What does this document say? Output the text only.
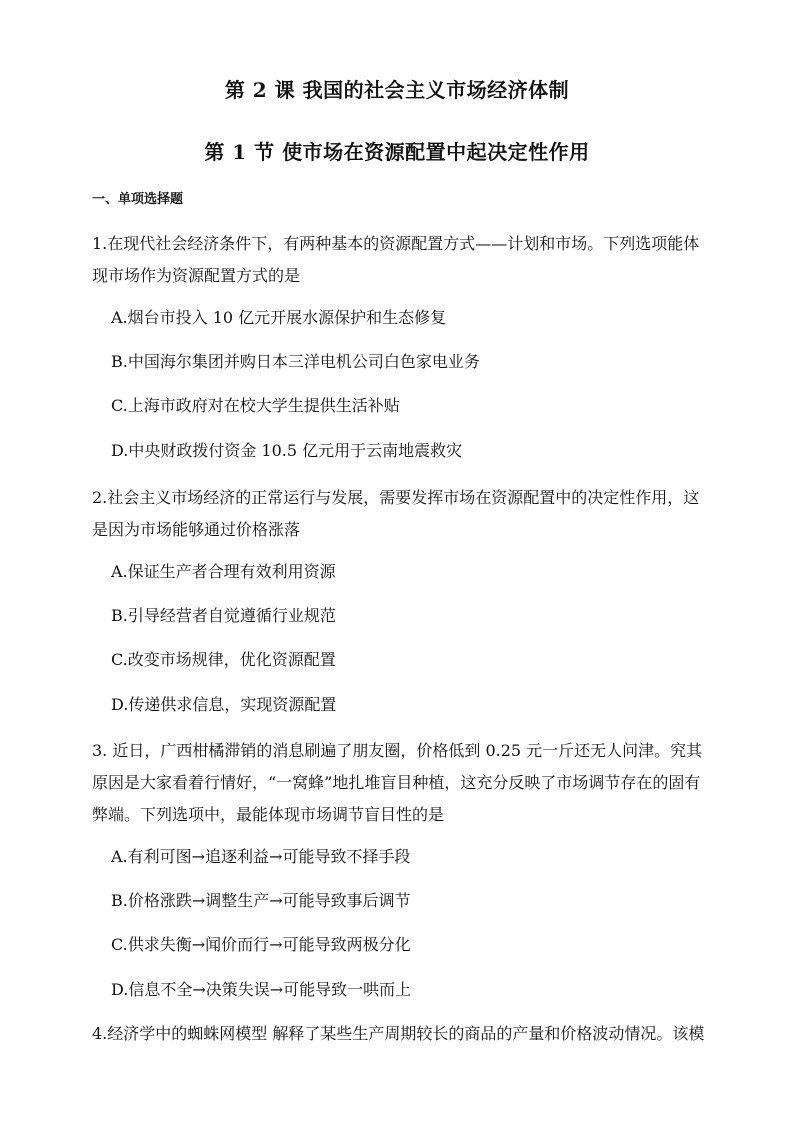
第 2 课 我国的社会主义市场经济体制
第 1 节 使市场在资源配置中起决定性作用
一、单项选择题
1.在现代社会经济条件下，有两种基本的资源配置方式——计划和市场。下列选项能体现市场作为资源配置方式的是
A.烟台市投入 10 亿元开展水源保护和生态修复
B.中国海尔集团并购日本三洋电机公司白色家电业务
C.上海市政府对在校大学生提供生活补贴
D.中央财政拨付资金 10.5 亿元用于云南地震救灾
2.社会主义市场经济的正常运行与发展，需要发挥市场在资源配置中的决定性作用，这是因为市场能够通过价格涨落
A.保证生产者合理有效利用资源
B.引导经营者自觉遵循行业规范
C.改变市场规律，优化资源配置
D.传递供求信息，实现资源配置
3. 近日，广西柑橘滞销的消息刷遍了朋友圈，价格低到 0.25 元一斤还无人问津。究其原因是大家看着行情好，“一窝蜂”地扎堆盲目种植，这充分反映了市场调节存在的固有弊端。下列选项中，最能体现市场调节盲目性的是
A.有利可图→追逐利益→可能导致不择手段
B.价格涨跌→调整生产→可能导致事后调节
C.供求失衡→闻价而行→可能导致两极分化
D.信息不全→决策失误→可能导致一哄而上
4.经济学中的蜘蛛网模型 解释了某些生产周期较长的商品的产量和价格波动情况。该模
